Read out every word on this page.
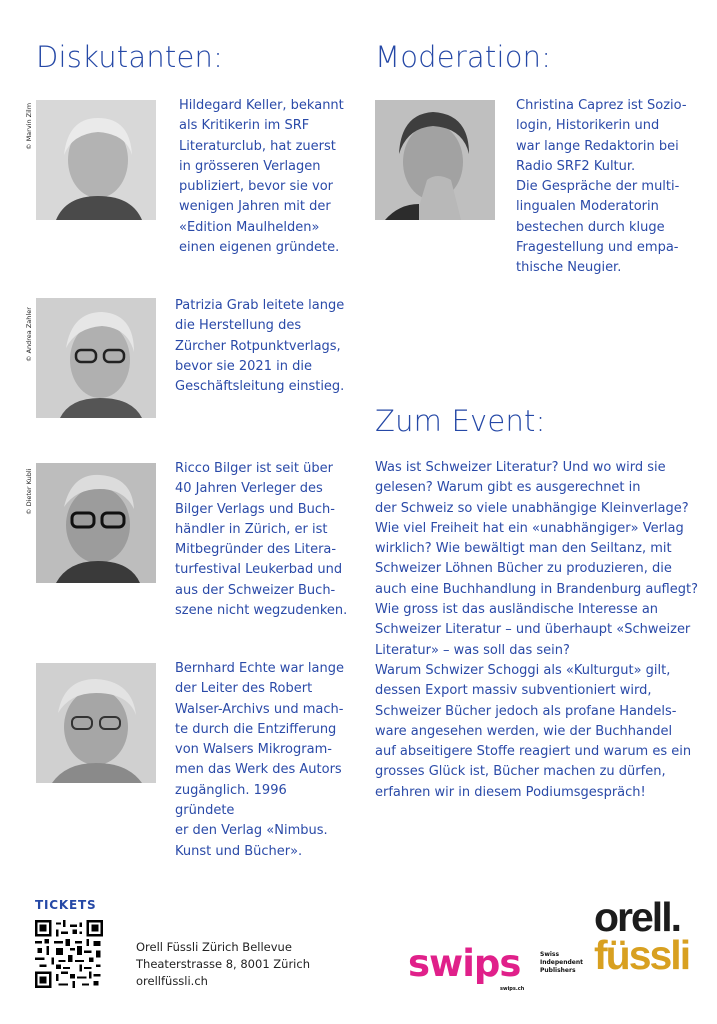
Diskutanten:	Moderation:
Zum Event:
© Marvin Zilm	Hildegard Keller, bekannt
als Kritikerin im SRF
Literaturclub, hat zuerst
in grösseren Verlagen
publiziert, bevor sie vor
wenigen Jahren mit der
«Edition Maulhelden»
einen eigenen gründete.

© Andrea Zahler

Patrizia Grab leitete lange
die Herstellung des
Zürcher Rotpunktverlags,
bevor sie 2021 in die
Geschäftsleitung einstieg.

© Dieter Kubli

Ricco Bilger ist seit über
40 Jahren Verleger des
Bilger Verlags und Buch-
händler in Zürich, er ist
Mitbegründer des Litera-
turfestival Leukerbad und
aus der Schweizer Buch-
szene nicht wegzudenken.

Bernhard Echte war lange
der Leiter des Robert
Walser-Archivs und mach-
te durch die Entzifferung
von Walsers Mikrogram-
men das Werk des Autors
zugänglich. 1996 gründete
er den Verlag «Nimbus.
Kunst und Bücher».

Christina Caprez ist Sozio-
login, Historikerin und
war lange Redaktorin bei
Radio SRF2 Kultur.
Die Gespräche der multi-
lingualen Moderatorin
bestechen durch kluge
Fragestellung und empa-
thische Neugier.

Was ist Schweizer Literatur? Und wo wird sie
gelesen? Warum gibt es ausgerechnet in
der Schweiz so viele unabhängige Kleinverlage?
Wie viel Freiheit hat ein «unabhängiger» Verlag
wirklich? Wie bewältigt man den Seiltanz, mit
Schweizer Löhnen Bücher zu produzieren, die
auch eine Buchhandlung in Brandenburg auflegt?
Wie gross ist das ausländische Interesse an
Schweizer Literatur – und überhaupt «Schweizer
Literatur» – was soll das sein?
Warum Schwizer Schoggi als «Kulturgut» gilt,
dessen Export massiv subventioniert wird,
Schweizer Bücher jedoch als profane Handels-
ware angesehen werden, wie der Buchhandel
auf abseitigere Stoffe reagiert und warum es ein
grosses Glück ist, Bücher machen zu dürfen,
erfahren wir in diesem Podiumsgespräch!

TICKETS
Orell Füssli Zürich Bellevue
Theaterstrasse 8, 8001 Zürich
orellfüssli.ch	swips	Swiss
Independent
Publishers
swips.ch
orell.
füssli
